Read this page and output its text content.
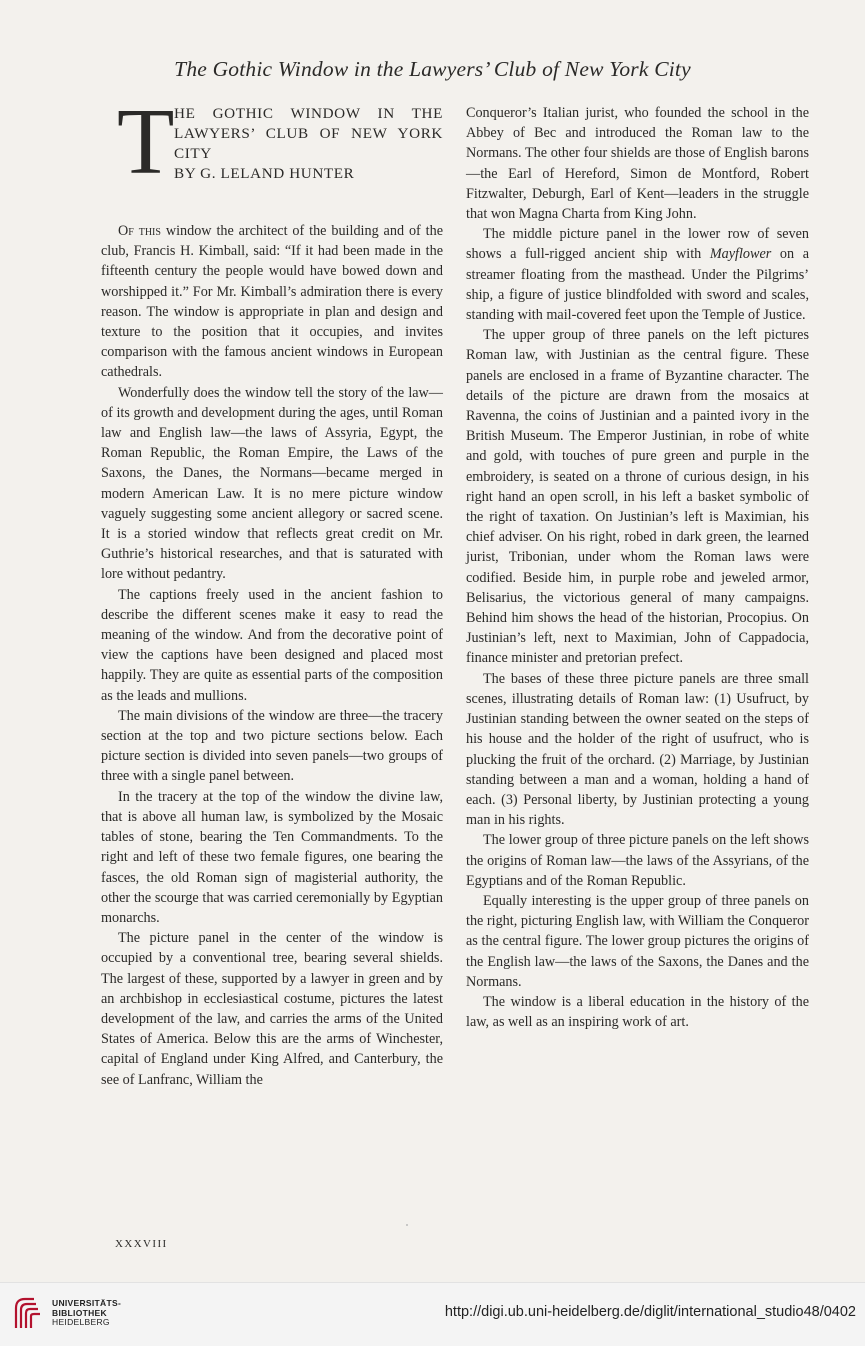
The Gothic Window in the Lawyers’ Club of New York City
T HE GOTHIC WINDOW IN THE
LAWYERS’ CLUB OF NEW YORK
CITY
BY G. LELAND HUNTER

Of this window the architect of the building and of the club, Francis H. Kimball, said: “If it had been made in the fifteenth century the people would have bowed down and worshipped it.” For Mr. Kimball’s admiration there is every reason. The window is appropriate in plan and design and texture to the position that it occupies, and invites comparison with the famous ancient windows in European cathedrals.

Wonderfully does the window tell the story of the law—of its growth and development during the ages, until Roman law and English law—the laws of Assyria, Egypt, the Roman Republic, the Roman Empire, the Laws of the Saxons, the Danes, the Normans—became merged in modern American Law. It is no mere picture window vaguely suggesting some ancient allegory or sacred scene. It is a storied window that reflects great credit on Mr. Guthrie’s historical researches, and that is saturated with lore without pedantry.

The captions freely used in the ancient fashion to describe the different scenes make it easy to read the meaning of the window. And from the decorative point of view the captions have been designed and placed most happily. They are quite as essential parts of the composition as the leads and mullions.

The main divisions of the window are three—the tracery section at the top and two picture sections below. Each picture section is divided into seven panels—two groups of three with a single panel between.

In the tracery at the top of the window the divine law, that is above all human law, is symbolized by the Mosaic tables of stone, bearing the Ten Commandments. To the right and left of these two female figures, one bearing the fasces, the old Roman sign of magisterial authority, the other the scourge that was carried ceremonially by Egyptian monarchs.

The picture panel in the center of the window is occupied by a conventional tree, bearing several shields. The largest of these, supported by a lawyer in green and by an archbishop in ecclesiastical costume, pictures the latest development of the law, and carries the arms of the United States of America. Below this are the arms of Winchester, capital of England under King Alfred, and Canterbury, the see of Lanfranc, William the

Conqueror’s Italian jurist, who founded the school in the Abbey of Bec and introduced the Roman law to the Normans. The other four shields are those of English barons—the Earl of Hereford, Simon de Montford, Robert Fitzwalter, Deburgh, Earl of Kent—leaders in the struggle that won Magna Charta from King John.

The middle picture panel in the lower row of seven shows a full-rigged ancient ship with Mayflower on a streamer floating from the masthead. Under the Pilgrims’ ship, a figure of justice blindfolded with sword and scales, standing with mail-covered feet upon the Temple of Justice.

The upper group of three panels on the left pictures Roman law, with Justinian as the central figure. These panels are enclosed in a frame of Byzantine character. The details of the picture are drawn from the mosaics at Ravenna, the coins of Justinian and a painted ivory in the British Museum. The Emperor Justinian, in robe of white and gold, with touches of pure green and purple in the embroidery, is seated on a throne of curious design, in his right hand an open scroll, in his left a basket symbolic of the right of taxation. On Justinian’s left is Maximian, his chief adviser. On his right, robed in dark green, the learned jurist, Tribonian, under whom the Roman laws were codified. Beside him, in purple robe and jeweled armor, Belisarius, the victorious general of many campaigns. Behind him shows the head of the historian, Procopius. On Justinian’s left, next to Maximian, John of Cappadocia, finance minister and pretorian prefect.

The bases of these three picture panels are three small scenes, illustrating details of Roman law: (1) Usufruct, by Justinian standing between the owner seated on the steps of his house and the holder of the right of usufruct, who is plucking the fruit of the orchard. (2) Marriage, by Justinian standing between a man and a woman, holding a hand of each. (3) Personal liberty, by Justinian protecting a young man in his rights.

The lower group of three picture panels on the left shows the origins of Roman law—the laws of the Assyrians, of the Egyptians and of the Roman Republic.

Equally interesting is the upper group of three panels on the right, picturing English law, with William the Conqueror as the central figure. The lower group pictures the origins of the English law—the laws of the Saxons, the Danes and the Normans.

The window is a liberal education in the history of the law, as well as an inspiring work of art.

XXXVIII
UNIVERSITÄTS-
BIBLIOTHEK
HEIDELBERG
http://digi.ub.uni-heidelberg.de/diglit/international_studio48/0402
